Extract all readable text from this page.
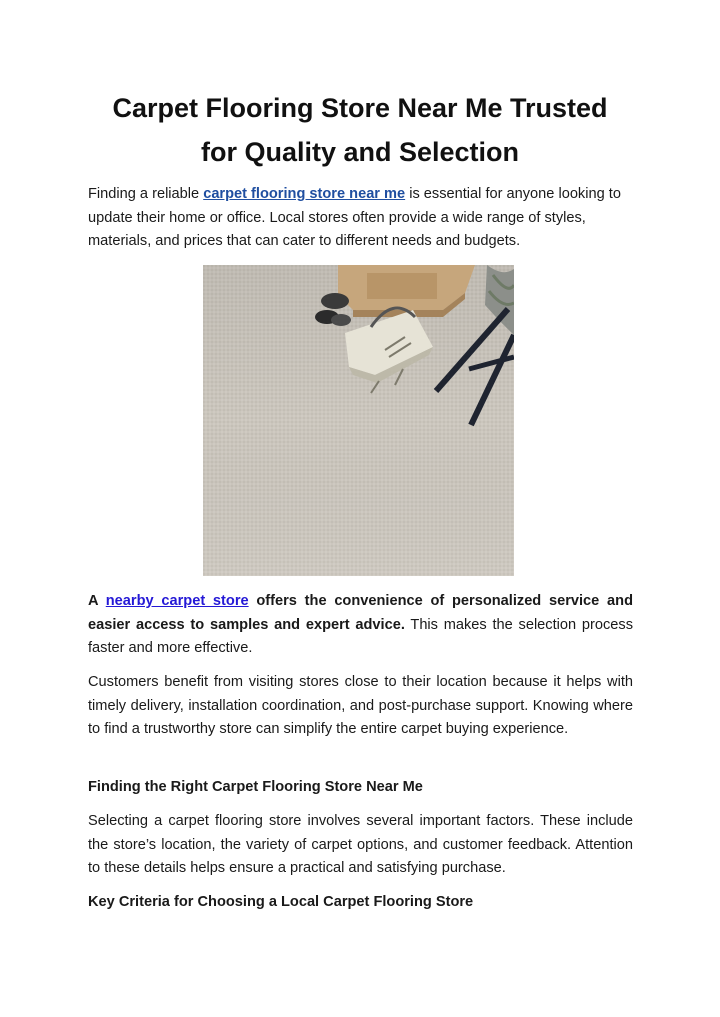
Carpet Flooring Store Near Me Trusted
for Quality and Selection

Finding a reliable carpet flooring store near me is essential for anyone looking to update their home or office. Local stores often provide a wide range of styles, materials, and prices that can cater to different needs and budgets.

A nearby carpet store offers the convenience of personalized service and easier access to samples and expert advice. This makes the selection process faster and more effective.

Customers benefit from visiting stores close to their location because it helps with timely delivery, installation coordination, and post-purchase support. Knowing where to find a trustworthy store can simplify the entire carpet buying experience.

Finding the Right Carpet Flooring Store Near Me

Selecting a carpet flooring store involves several important factors. These include the store’s location, the variety of carpet options, and customer feedback. Attention to these details helps ensure a practical and satisfying purchase.

Key Criteria for Choosing a Local Carpet Flooring Store
